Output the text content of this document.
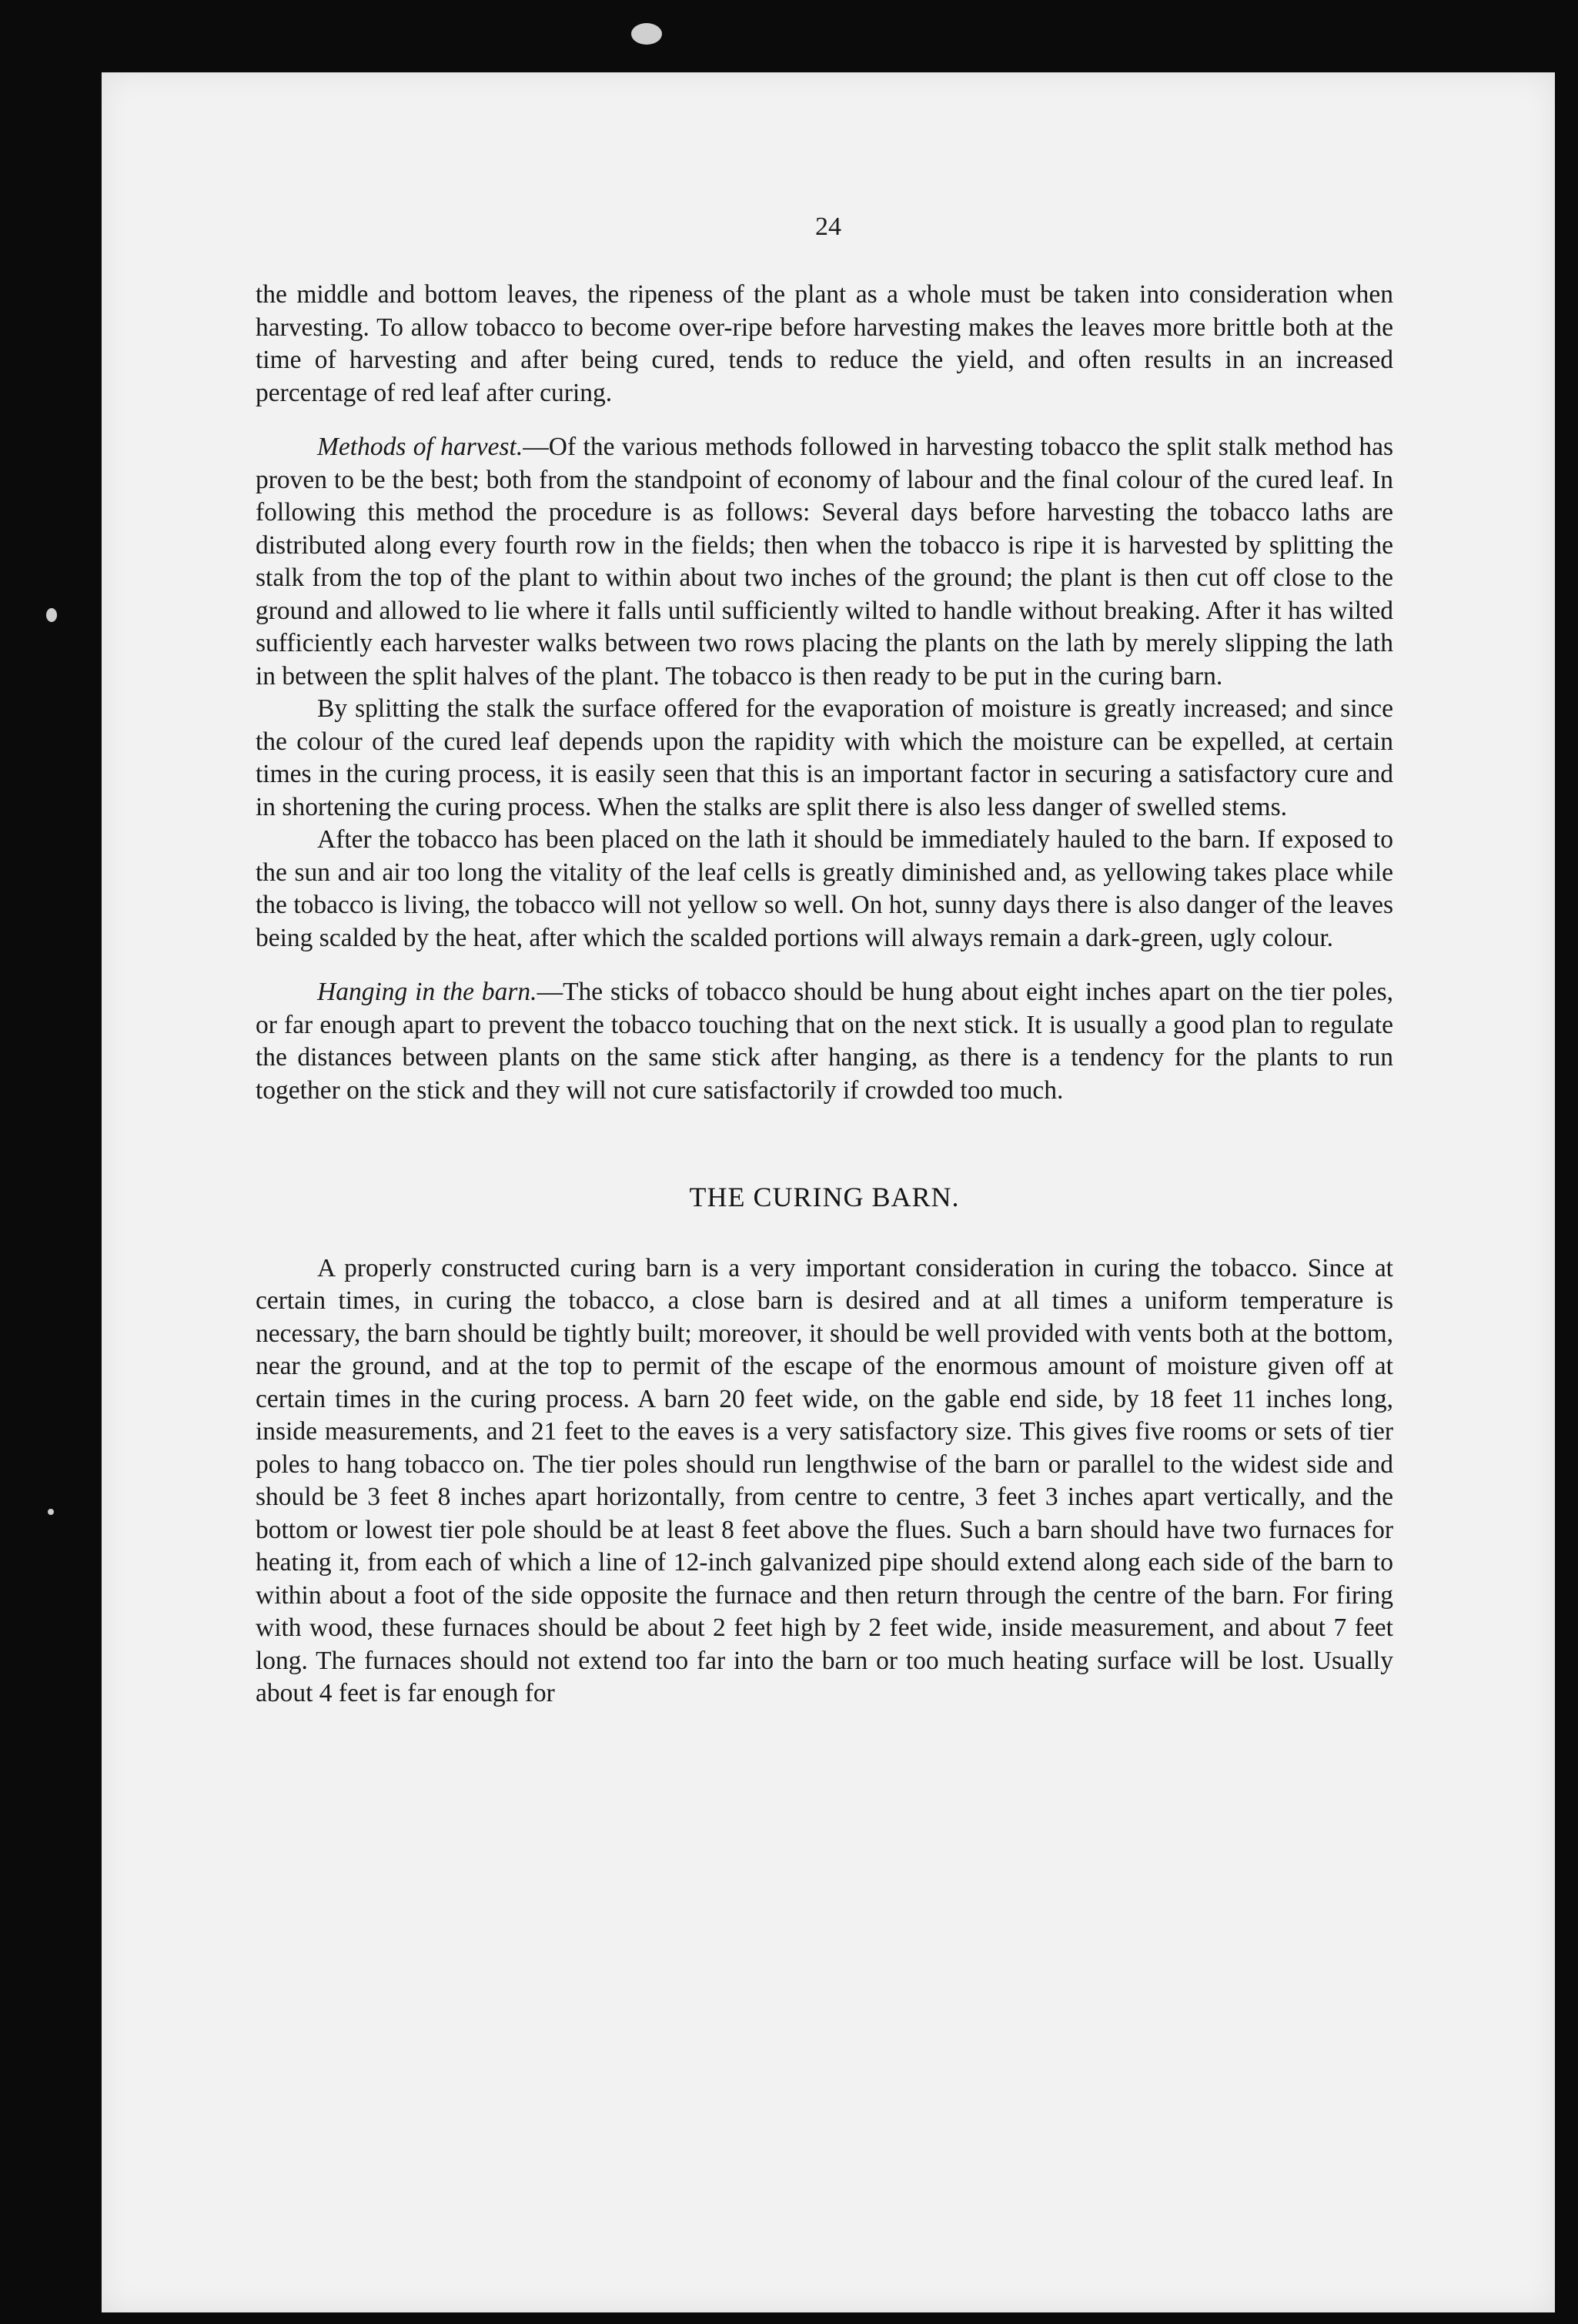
24

the middle and bottom leaves, the ripeness of the plant as a whole must be taken into consideration when harvesting. To allow tobacco to become over-ripe before harvesting makes the leaves more brittle both at the time of harvesting and after being cured, tends to reduce the yield, and often results in an increased percentage of red leaf after curing.

Methods of harvest.—Of the various methods followed in harvesting tobacco the split stalk method has proven to be the best; both from the standpoint of economy of labour and the final colour of the cured leaf. In following this method the procedure is as follows: Several days before harvesting the tobacco laths are distributed along every fourth row in the fields; then when the tobacco is ripe it is harvested by splitting the stalk from the top of the plant to within about two inches of the ground; the plant is then cut off close to the ground and allowed to lie where it falls until sufficiently wilted to handle without breaking. After it has wilted sufficiently each harvester walks between two rows placing the plants on the lath by merely slipping the lath in between the split halves of the plant. The tobacco is then ready to be put in the curing barn.

By splitting the stalk the surface offered for the evaporation of moisture is greatly increased; and since the colour of the cured leaf depends upon the rapidity with which the moisture can be expelled, at certain times in the curing process, it is easily seen that this is an important factor in securing a satisfactory cure and in shortening the curing process. When the stalks are split there is also less danger of swelled stems.

After the tobacco has been placed on the lath it should be immediately hauled to the barn. If exposed to the sun and air too long the vitality of the leaf cells is greatly diminished and, as yellowing takes place while the tobacco is living, the tobacco will not yellow so well. On hot, sunny days there is also danger of the leaves being scalded by the heat, after which the scalded portions will always remain a dark-green, ugly colour.

Hanging in the barn.—The sticks of tobacco should be hung about eight inches apart on the tier poles, or far enough apart to prevent the tobacco touching that on the next stick. It is usually a good plan to regulate the distances between plants on the same stick after hanging, as there is a tendency for the plants to run together on the stick and they will not cure satisfactorily if crowded too much.

THE CURING BARN.

A properly constructed curing barn is a very important consideration in curing the tobacco. Since at certain times, in curing the tobacco, a close barn is desired and at all times a uniform temperature is necessary, the barn should be tightly built; moreover, it should be well provided with vents both at the bottom, near the ground, and at the top to permit of the escape of the enormous amount of moisture given off at certain times in the curing process. A barn 20 feet wide, on the gable end side, by 18 feet 11 inches long, inside measurements, and 21 feet to the eaves is a very satisfactory size. This gives five rooms or sets of tier poles to hang tobacco on. The tier poles should run lengthwise of the barn or parallel to the widest side and should be 3 feet 8 inches apart horizontally, from centre to centre, 3 feet 3 inches apart vertically, and the bottom or lowest tier pole should be at least 8 feet above the flues. Such a barn should have two furnaces for heating it, from each of which a line of 12-inch galvanized pipe should extend along each side of the barn to within about a foot of the side opposite the furnace and then return through the centre of the barn. For firing with wood, these furnaces should be about 2 feet high by 2 feet wide, inside measurement, and about 7 feet long. The furnaces should not extend too far into the barn or too much heating surface will be lost. Usually about 4 feet is far enough for
